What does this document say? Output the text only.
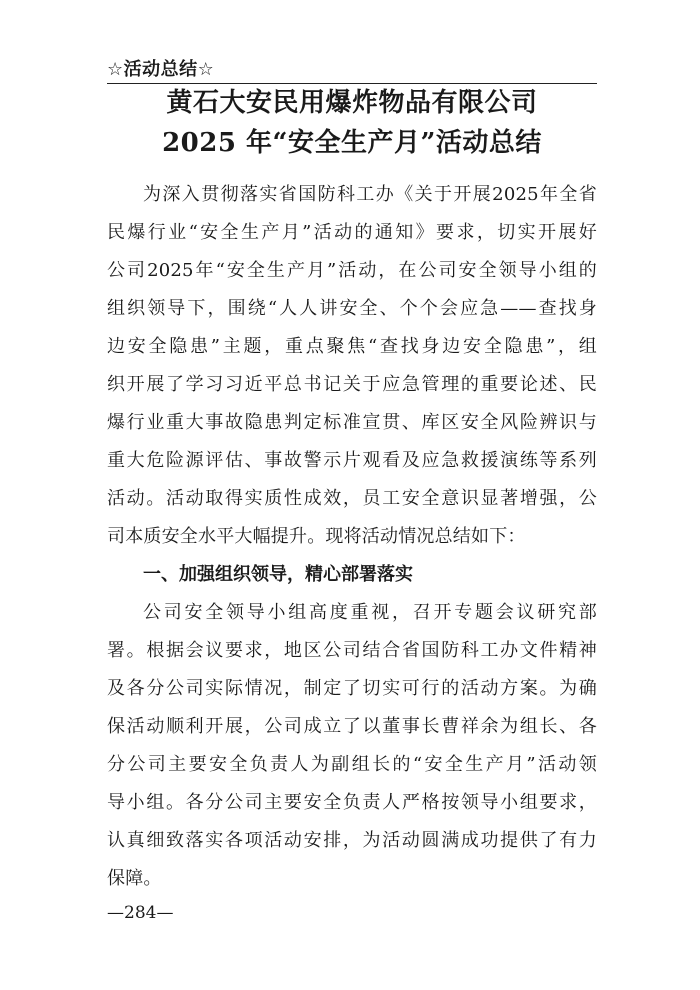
☆活动总结☆
黄石大安民用爆炸物品有限公司
2025 年“安全生产月”活动总结
为深入贯彻落实省国防科工办《关于开展2025年全省
民爆行业“安全生产月”活动的通知》要求，切实开展好
公司2025年“安全生产月”活动，在公司安全领导小组的
组织领导下，围绕“人人讲安全、个个会应急——查找身
边安全隐患”主题，重点聚焦“查找身边安全隐患”，组
织开展了学习习近平总书记关于应急管理的重要论述、民
爆行业重大事故隐患判定标准宣贯、库区安全风险辨识与
重大危险源评估、事故警示片观看及应急救援演练等系列
活动。活动取得实质性成效，员工安全意识显著增强，公
司本质安全水平大幅提升。现将活动情况总结如下：
一、加强组织领导，精心部署落实
公司安全领导小组高度重视，召开专题会议研究部
署。根据会议要求，地区公司结合省国防科工办文件精神
及各分公司实际情况，制定了切实可行的活动方案。为确
保活动顺利开展，公司成立了以董事长曹祥余为组长、各
分公司主要安全负责人为副组长的“安全生产月”活动领
导小组。各分公司主要安全负责人严格按领导小组要求，
认真细致落实各项活动安排，为活动圆满成功提供了有力
保障。
—284—
